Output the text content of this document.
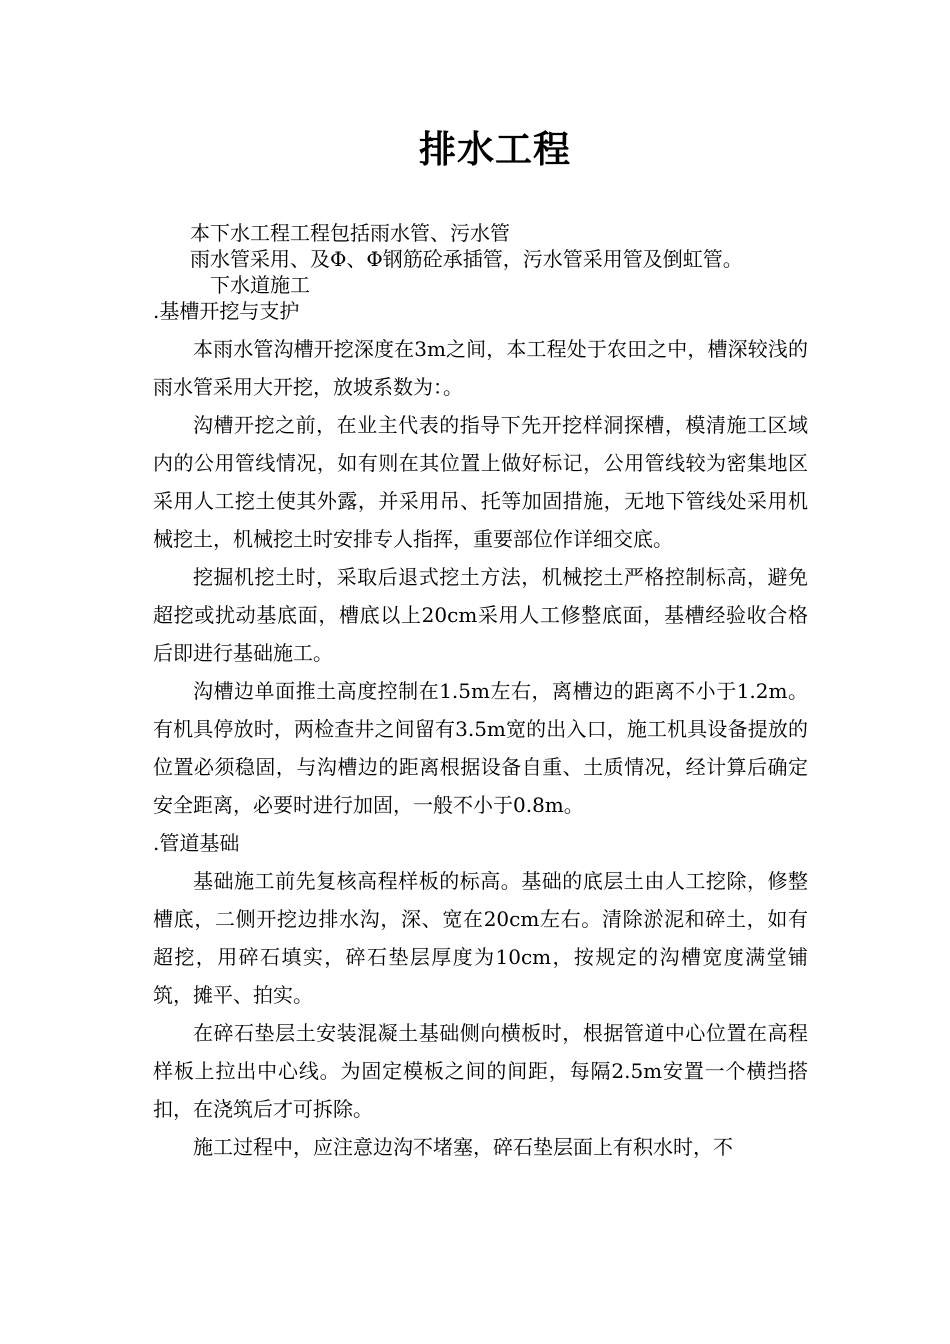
排水工程
本下水工程工程包括雨水管、污水管
雨水管采用、及Φ、Φ钢筋砼承插管，污水管采用管及倒虹管。
下水道施工
.基槽开挖与支护

本雨水管沟槽开挖深度在3m之间，本工程处于农田之中，槽深较浅的雨水管采用大开挖，放坡系数为：。

沟槽开挖之前，在业主代表的指导下先开挖样洞探槽，模清施工区域内的公用管线情况，如有则在其位置上做好标记，公用管线较为密集地区采用人工挖土使其外露，并采用吊、托等加固措施，无地下管线处采用机械挖土，机械挖土时安排专人指挥，重要部位作详细交底。

挖掘机挖土时，采取后退式挖土方法，机械挖土严格控制标高，避免超挖或扰动基底面，槽底以上20cm采用人工修整底面，基槽经验收合格后即进行基础施工。

沟槽边单面推土高度控制在1.5m左右，离槽边的距离不小于1.2m。有机具停放时，两检查井之间留有3.5m宽的出入口，施工机具设备提放的位置必须稳固，与沟槽边的距离根据设备自重、土质情况，经计算后确定安全距离，必要时进行加固，一般不小于0.8m。

.管道基础

基础施工前先复核高程样板的标高。基础的底层土由人工挖除，修整槽底，二侧开挖边排水沟，深、宽在20cm左右。清除淤泥和碎土，如有超挖，用碎石填实，碎石垫层厚度为10cm，按规定的沟槽宽度满堂铺筑，摊平、拍实。

在碎石垫层土安装混凝土基础侧向横板时，根据管道中心位置在高程样板上拉出中心线。为固定模板之间的间距，每隔2.5m安置一个横挡搭扣，在浇筑后才可拆除。

施工过程中，应注意边沟不堵塞，碎石垫层面上有积水时，不
